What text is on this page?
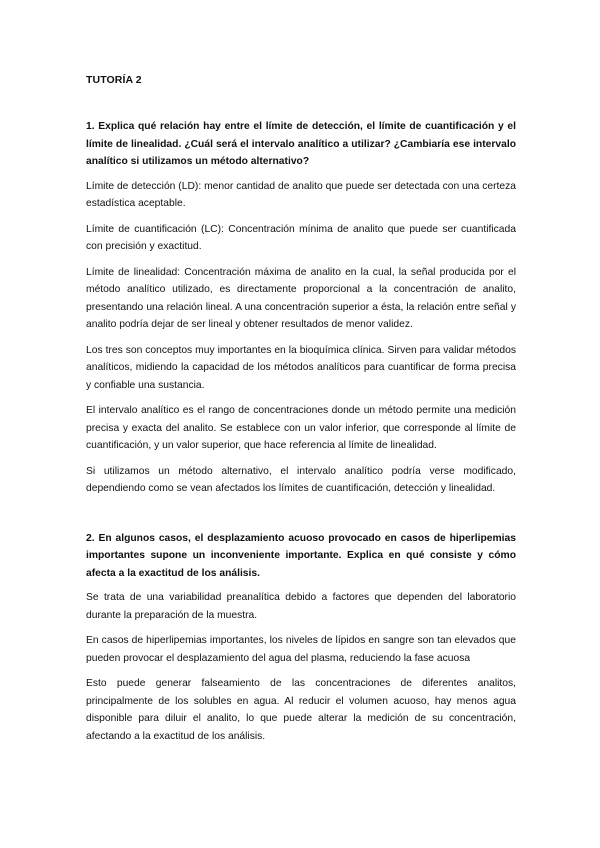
TUTORÍA 2
1. Explica qué relación hay entre el límite de detección, el límite de cuantificación y el límite de linealidad. ¿Cuál será el intervalo analítico a utilizar? ¿Cambiaría ese intervalo analítico si utilizamos un método alternativo?
Límite de detección (LD): menor cantidad de analito que puede ser detectada con una certeza estadística aceptable.
Límite de cuantificación (LC): Concentración mínima de analito que puede ser cuantificada con precisión y exactitud.
Límite de linealidad: Concentración máxima de analito en la cual, la señal producida por el método analítico utilizado, es directamente proporcional a la concentración de analito, presentando una relación lineal. A una concentración superior a ésta, la relación entre señal y analito podría dejar de ser lineal y obtener resultados de menor validez.
Los tres son conceptos muy importantes en la bioquímica clínica. Sirven para validar métodos analíticos, midiendo la capacidad de los métodos analíticos para cuantificar de forma precisa y confiable una sustancia.
El intervalo analítico es el rango de concentraciones donde un método permite una medición precisa y exacta del analito. Se establece con un valor inferior, que corresponde al límite de cuantificación, y un valor superior, que hace referencia al límite de linealidad.
Si utilizamos un método alternativo, el intervalo analítico podría verse modificado, dependiendo como se vean afectados los límites de cuantificación, detección y linealidad.
2. En algunos casos, el desplazamiento acuoso provocado en casos de hiperlipemias importantes supone un inconveniente importante. Explica en qué consiste y cómo afecta a la exactitud de los análisis.
Se trata de una variabilidad preanalítica debido a factores que dependen del laboratorio durante la preparación de la muestra.
En casos de hiperlipemias importantes, los niveles de lípidos en sangre son tan elevados que pueden provocar el desplazamiento del agua del plasma, reduciendo la fase acuosa
Esto puede generar falseamiento de las concentraciones de diferentes analitos, principalmente de los solubles en agua. Al reducir el volumen acuoso, hay menos agua disponible para diluir el analito, lo que puede alterar la medición de su concentración, afectando a la exactitud de los análisis.
